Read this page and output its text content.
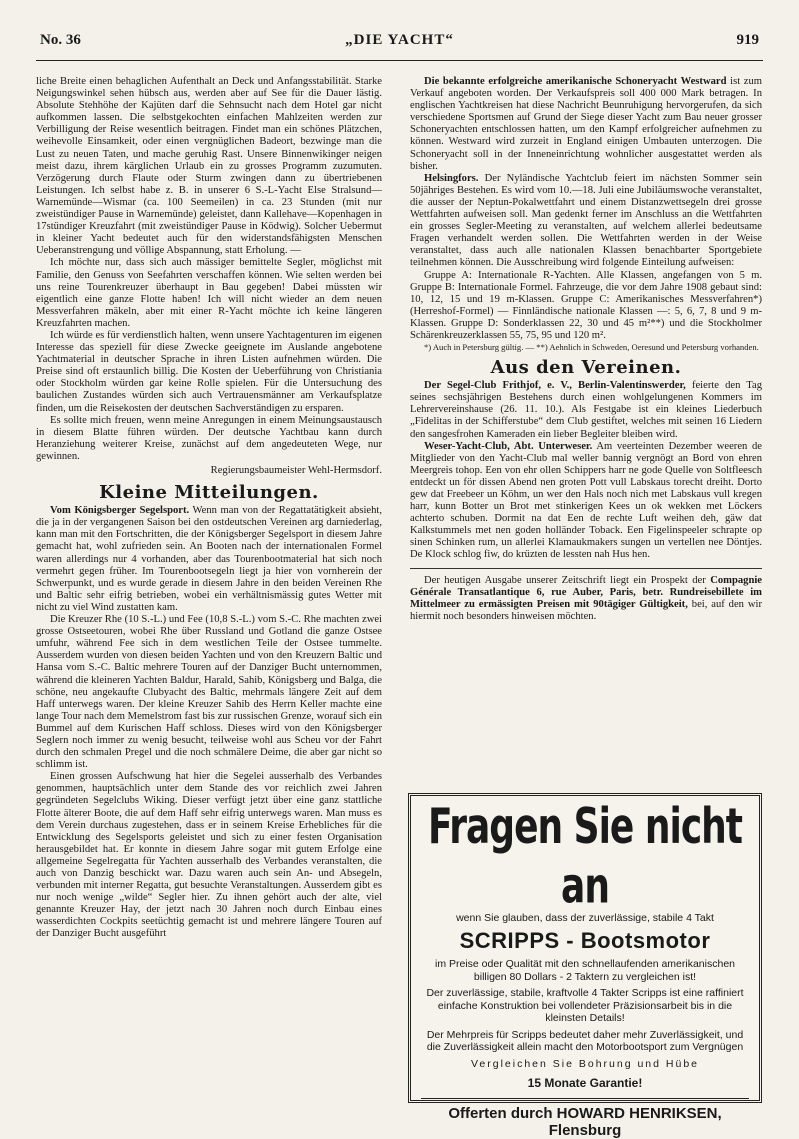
No. 36	„DIE YACHT“	919

liche Breite einen behaglichen Aufenthalt an Deck und Anfangsstabilität. Starke Neigungswinkel sehen hübsch aus, werden aber auf See für die Dauer lästig. Absolute Stehhöhe der Kajüten darf die Sehnsucht nach dem Hotel gar nicht aufkommen lassen. Die selbstgekochten einfachen Mahlzeiten werden zur Verbilligung der Reise wesentlich beitragen. Findet man ein schönes Plätzchen, weihevolle Einsamkeit, oder einen vergnüglichen Badeort, bezwinge man die Lust zu neuen Taten, und mache geruhig Rast. Unsere Binnenwikinger neigen meist dazu, ihrem kärglichen Urlaub ein zu grosses Programm zuzumuten. Verzögerung durch Flaute oder Sturm zwingen dann zu übertriebenen Leistungen. Ich selbst habe z. B. in unserer 6 S.-L-Yacht Else Stralsund—Warnemünde—Wismar (ca. 100 Seemeilen) in ca. 23 Stunden (mit nur zweistündiger Pause in Warnemünde) geleistet, dann Kallehave—Kopenhagen in 17stündiger Kreuzfahrt (mit zweistündiger Pause in Ködwig). Solcher Uebermut in kleiner Yacht bedeutet auch für den widerstandsfähigsten Menschen Ueberanstrengung und völlige Abspannung, statt Erholung. —

Ich möchte nur, dass sich auch mässiger bemittelte Segler, möglichst mit Familie, den Genuss von Seefahrten verschaffen können. Wie selten werden bei uns reine Tourenkreuzer überhaupt in Bau gegeben! Dabei müssten wir eigentlich eine ganze Flotte haben! Ich will nicht wieder an dem neuen Messverfahren mäkeln, aber mit einer R-Yacht möchte ich keine längeren Kreuzfahrten machen.

Ich würde es für verdienstlich halten, wenn unsere Yachtagenturen im eigenen Interesse das speziell für diese Zwecke geeignete im Auslande angebotene Yachtmaterial in deutscher Sprache in ihren Listen aufnehmen würden. Die Preise sind oft erstaunlich billig. Die Kosten der Ueberführung von Christiania oder Stockholm würden gar keine Rolle spielen. Für die Untersuchung des baulichen Zustandes würden sich auch Vertrauensmänner am Verkaufsplatze finden, um die Reisekosten der deutschen Sachverständigen zu ersparen.

Es sollte mich freuen, wenn meine Anregungen in einem Meinungsaustausch in diesem Blatte führen würden. Der deutsche Yachtbau kann durch Heranziehung weiterer Kreise, zunächst auf dem angedeuteten Wege, nur gewinnen.

Regierungsbaumeister Wehl-Hermsdorf.
Kleine Mitteilungen.

Vom Königsberger Segelsport. Wenn man von der Regattatätigkeit absieht, die ja in der vergangenen Saison bei den ostdeutschen Vereinen arg darniederlag, kann man mit den Fortschritten, die der Königsberger Segelsport in diesem Jahre gemacht hat, wohl zufrieden sein. An Booten nach der internationalen Formel waren allerdings nur 4 vorhanden, aber das Tourenbootmaterial hat sich noch vermehrt gegen früher. Im Tourenbootsegeln liegt ja hier von vornherein der Schwerpunkt, und es wurde gerade in diesem Jahre in den beiden Vereinen Rhe und Baltic sehr eifrig betrieben, wobei ein verhältnismässig gutes Wetter mit nicht zu viel Wind zustatten kam.

Die Kreuzer Rhe (10 S.-L.) und Fee (10,8 S.-L.) vom S.-C. Rhe machten zwei grosse Ostseetouren, wobei Rhe über Russland und Gotland die ganze Ostsee umfuhr, während Fee sich in dem westlichen Teile der Ostsee tummelte. Ausserdem wurden von diesen beiden Yachten und von den Kreuzern Baltic und Hansa vom S.-C. Baltic mehrere Touren auf der Danziger Bucht unternommen, während die kleineren Yachten Baldur, Harald, Sahib, Königsberg und Balga, die schöne, neu angekaufte Clubyacht des Baltic, mehrmals längere Zeit auf dem Haff unterwegs waren. Der kleine Kreuzer Sahib des Herrn Keller machte eine lange Tour nach dem Memelstrom fast bis zur russischen Grenze, worauf sich ein Bummel auf dem Kurischen Haff schloss. Dieses wird von den Königsberger Seglern noch immer zu wenig besucht, teilweise wohl aus Scheu vor der Fahrt durch den schmalen Pregel und die noch schmälere Deime, die aber gar nicht so schlimm ist.

Einen grossen Aufschwung hat hier die Segelei ausserhalb des Verbandes genommen, hauptsächlich unter dem Stande des vor reichlich zwei Jahren gegründeten Segelclubs Wiking. Dieser verfügt jetzt über eine ganz stattliche Flotte älterer Boote, die auf dem Haff sehr eifrig unterwegs waren. Man muss es dem Verein durchaus zugestehen, dass er in seinem Kreise Erhebliches für die Entwicklung des Segelsports geleistet und sich zu einer festen Organisation herausgebildet hat. Er konnte in diesem Jahre sogar mit gutem Erfolge eine allgemeine Segelregatta für Yachten ausserhalb des Verbandes veranstalten, die auch von Danzig beschickt war. Dazu waren auch sein An- und Absegeln, verbunden mit interner Regatta, gut besuchte Veranstaltungen. Ausserdem gibt es nur noch wenige „wilde“ Segler hier. Zu ihnen gehört auch der alte, viel genannte Kreuzer Hay, der jetzt nach 30 Jahren noch durch Einbau eines wasserdichten Cockpits seetüchtig gemacht ist und mehrere längere Touren auf der Danziger Bucht ausgeführt

Die bekannte erfolgreiche amerikanische Schoneryacht Westward ist zum Verkauf angeboten worden. Der Verkaufspreis soll 400 000 Mark betragen. In englischen Yachtkreisen hat diese Nachricht Beunruhigung hervorgerufen, da sich verschiedene Sportsmen auf Grund der Siege dieser Yacht zum Bau neuer grosser Schoneryachten entschlossen hatten, um den Kampf erfolgreicher aufnehmen zu können. Westward wird zurzeit in England einigen Umbauten unterzogen. Die Schoneryacht soll in der Inneneinrichtung wohnlicher ausgestattet werden als bisher.

Helsingfors. Der Nyländische Yachtclub feiert im nächsten Sommer sein 50jähriges Bestehen. Es wird vom 10.—18. Juli eine Jubiläumswoche veranstaltet, die ausser der Neptun-Pokalwettfahrt und einem Distanzwettsegeln drei grosse Wettfahrten aufweisen soll. Man gedenkt ferner im Anschluss an die Wettfahrten ein grosses Segler-Meeting zu veranstalten, auf welchem allerlei bedeutsame Fragen verhandelt werden sollen. Die Wettfahrten werden in der Weise veranstaltet, dass auch alle nationalen Klassen benachbarter Sportgebiete teilnehmen können. Die Ausschreibung wird folgende Einteilung aufweisen:

Gruppe A: Internationale R-Yachten. Alle Klassen, angefangen von 5 m. Gruppe B: Internationale Formel. Fahrzeuge, die vor dem Jahre 1908 gebaut sind: 10, 12, 15 und 19 m-Klassen. Gruppe C: Amerikanisches Messverfahren*) (Herreshof-Formel) — Finnländische nationale Klassen —: 5, 6, 7, 8 und 9 m-Klassen. Gruppe D: Sonderklassen 22, 30 und 45 m²**) und die Stockholmer Schärenkreuzerklassen 55, 75, 95 und 120 m².

*) Auch in Petersburg gültig. — **) Aehnlich in Schweden, Oeresund und Petersburg vorhanden.

Aus den Vereinen.

Der Segel-Club Frithjof, e. V., Berlin-Valentinswerder, feierte den Tag seines sechsjährigen Bestehens durch einen wohlgelungenen Kommers im Lehrervereinshause (26. 11. 10.). Als Festgabe ist ein kleines Liederbuch „Fidelitas in der Schifferstube“ dem Club gestiftet, welches mit seinen 16 Liedern den sangesfrohen Kameraden ein lieber Begleiter bleiben wird.

Weser-Yacht-Club, Abt. Unterweser. Am veerteinten Dezember weeren de Mitglieder von den Yacht-Club mal weller bannig vergnögt an Bord von ehren Meergreis tohop. Een von ehr ollen Schippers harr ne gode Quelle von Soltfleesch entdeckt un för dissen Abend nen groten Pott vull Labskaus torecht dreiht. Dorto gew dat Freebeer un Köhm, un wer den Hals noch nich met Labskaus vull kregen harr, kunn Botter un Brot met stinkerigen Kees un ok wekken met Löckers achterto schuben. Dormit na dat Een de rechte Luft weihen deh, gäw dat Kalkstummels met nen goden holländer Toback. Een Figelinspeeler schrapte op sinen Schinken rum, un allerlei Klamaukmakers sungen un vertellen nee Döntjes. De Klock schlog fiw, do krüzten de lessten nah Hus hen.

Der heutigen Ausgabe unserer Zeitschrift liegt ein Prospekt der Compagnie Générale Transatlantique 6, rue Auber, Paris, betr. Rundreisebillete im Mittelmeer zu ermässigten Preisen mit 90tägiger Gültigkeit, bei, auf den wir hiermit noch besonders hinweisen möchten.

Fragen Sie nicht an
wenn Sie glauben, dass der zuverlässige, stabile 4 Takt
SCRIPPS - Bootsmotor
im Preise oder Qualität mit den schnellaufenden amerikanischen billigen 80 Dollars - 2 Taktern zu vergleichen ist!
Der zuverlässige, stabile, kraftvolle 4 Takter Scripps ist eine raffiniert einfache Konstruktion bei vollendeter Präzisionsarbeit bis in die kleinsten Details!
Der Mehrpreis für Scripps bedeutet daher mehr Zuverlässigkeit, und die Zuverlässigkeit allein macht den Motorbootsport zum Vergnügen
Vergleichen Sie Bohrung und Hübe
15 Monate Garantie!
Offerten durch HOWARD HENRIKSEN, Flensburg
